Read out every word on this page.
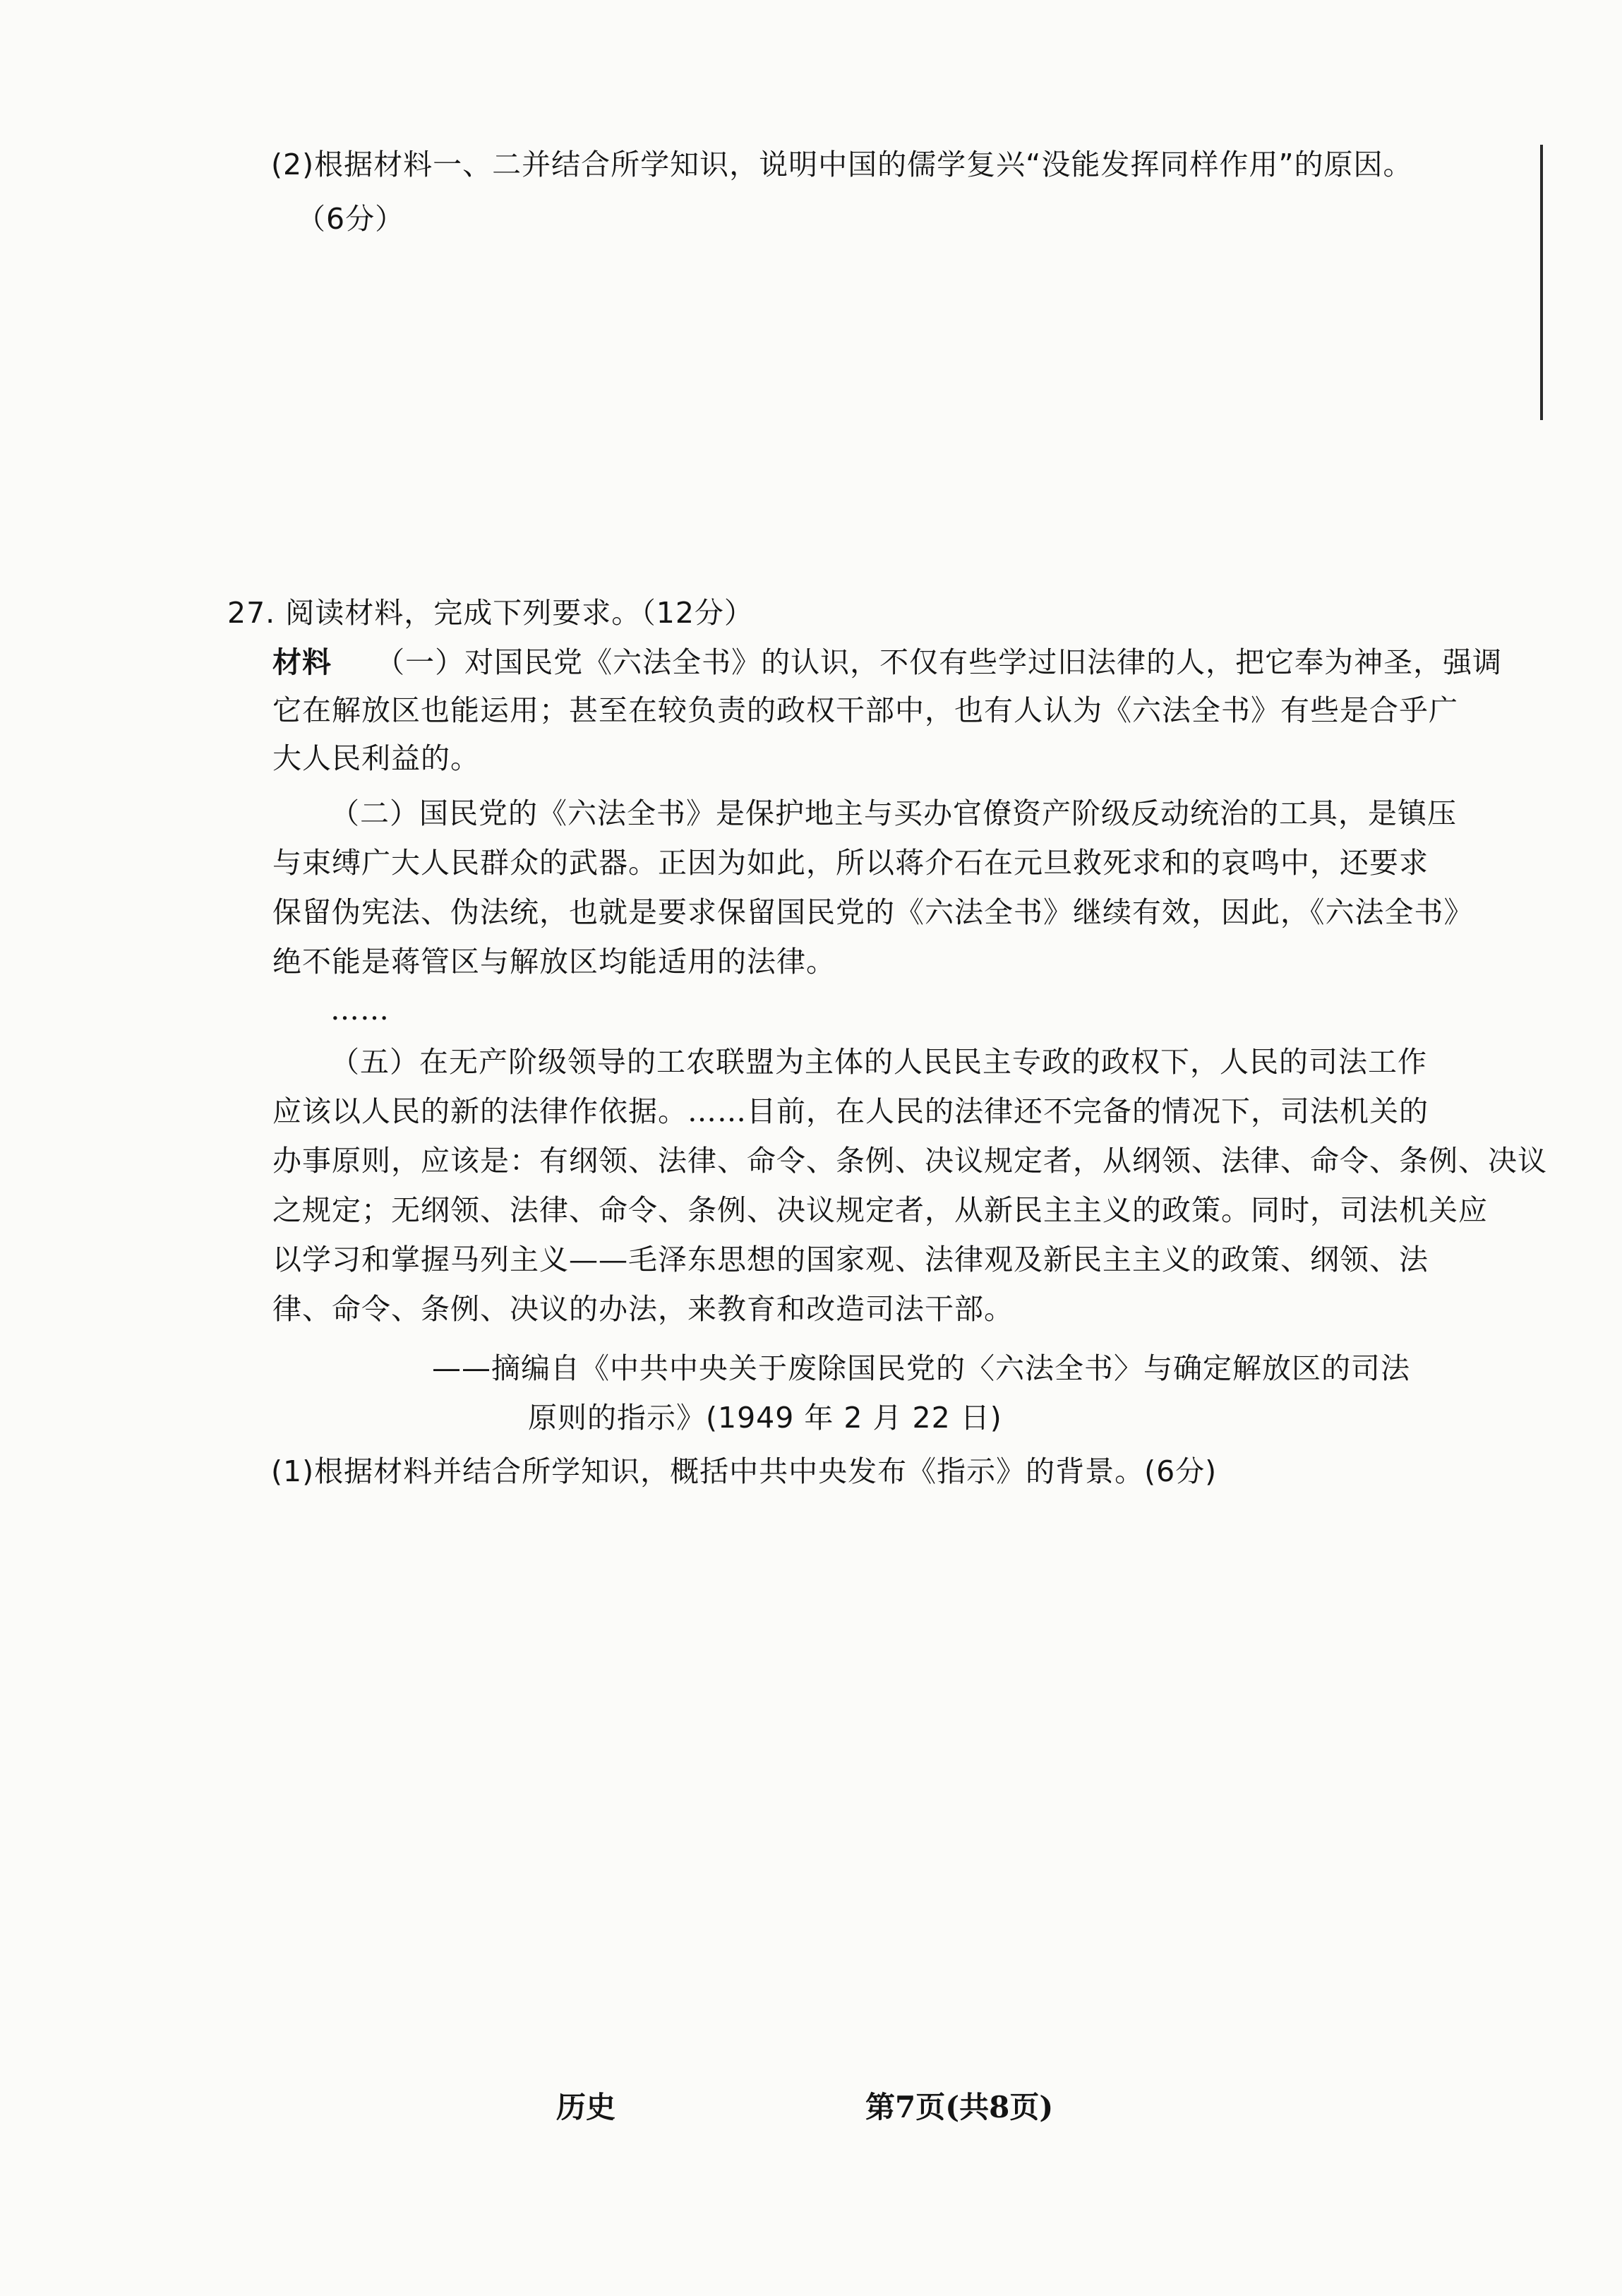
(2)根据材料一、二并结合所学知识，说明中国的儒学复兴“没能发挥同样作用”的原因。
（6分）
27. 阅读材料，完成下列要求。（12分）
材料 （一）对国民党《六法全书》的认识，不仅有些学过旧法律的人，把它奉为神圣，强调
它在解放区也能运用；甚至在较负责的政权干部中，也有人认为《六法全书》有些是合乎广
大人民利益的。
（二）国民党的《六法全书》是保护地主与买办官僚资产阶级反动统治的工具，是镇压
与束缚广大人民群众的武器。正因为如此，所以蒋介石在元旦救死求和的哀鸣中，还要求
保留伪宪法、伪法统，也就是要求保留国民党的《六法全书》继续有效，因此，《六法全书》
绝不能是蒋管区与解放区均能适用的法律。
……
（五）在无产阶级领导的工农联盟为主体的人民民主专政的政权下，人民的司法工作
应该以人民的新的法律作依据。……目前，在人民的法律还不完备的情况下，司法机关的
办事原则，应该是：有纲领、法律、命令、条例、决议规定者，从纲领、法律、命令、条例、决议
之规定；无纲领、法律、命令、条例、决议规定者，从新民主主义的政策。同时，司法机关应
以学习和掌握马列主义——毛泽东思想的国家观、法律观及新民主主义的政策、纲领、法
律、命令、条例、决议的办法，来教育和改造司法干部。
——摘编自《中共中央关于废除国民党的〈六法全书〉与确定解放区的司法
原则的指示》(1949 年 2 月 22 日)
(1)根据材料并结合所学知识，概括中共中央发布《指示》的背景。(6分)
历史	第7页(共8页)
